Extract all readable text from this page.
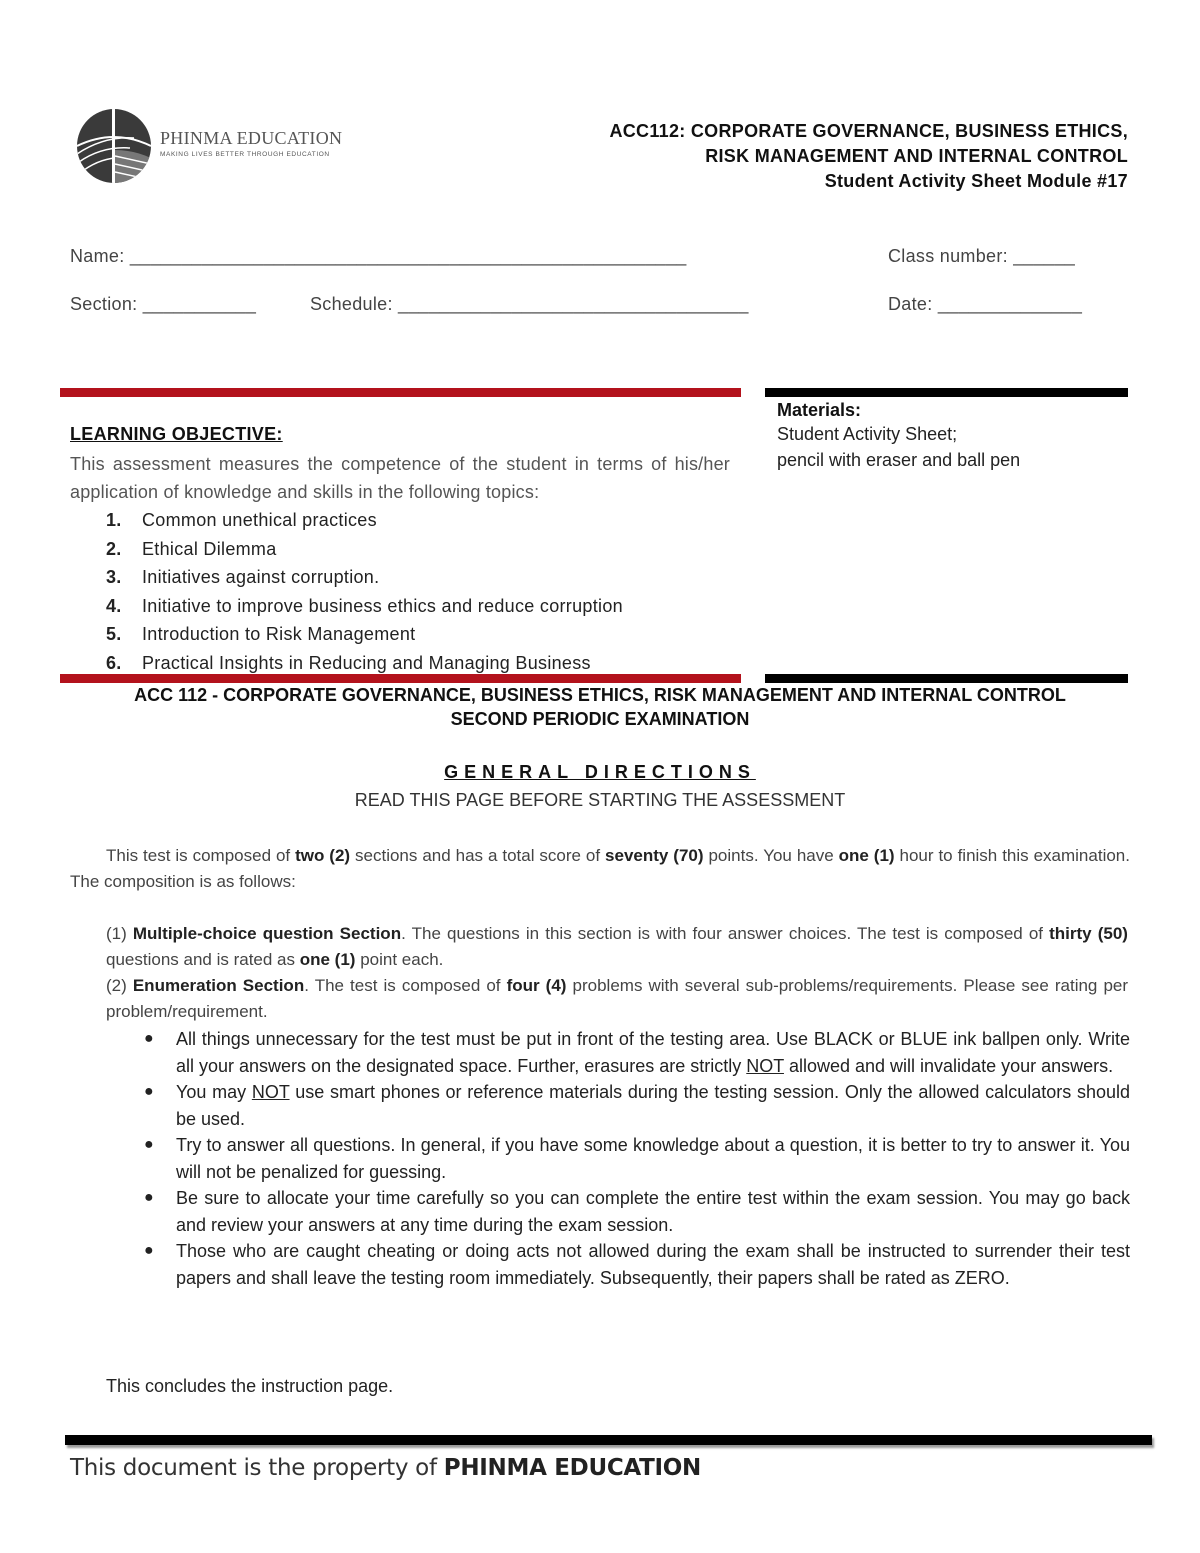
PHINMA EDUCATION
MAKING LIVES BETTER THROUGH EDUCATION
ACC112: CORPORATE GOVERNANCE, BUSINESS ETHICS,
RISK MANAGEMENT AND INTERNAL CONTROL
Student Activity Sheet Module #17
Name: ______________________________________________________	Class number: ______
Section: ___________	Schedule: __________________________________	Date: ______________
LEARNING OBJECTIVE:
This assessment measures the competence of the student in terms of his/her application of knowledge and skills in the following topics:
1. Common unethical practices
2. Ethical Dilemma
3. Initiatives against corruption.
4. Initiative to improve business ethics and reduce corruption
5. Introduction to Risk Management
6. Practical Insights in Reducing and Managing Business
Materials:
Student Activity Sheet;
pencil with eraser and ball pen
ACC 112 - CORPORATE GOVERNANCE, BUSINESS ETHICS, RISK MANAGEMENT AND INTERNAL CONTROL
SECOND PERIODIC EXAMINATION
GENERAL DIRECTIONS
READ THIS PAGE BEFORE STARTING THE ASSESSMENT
This test is composed of two (2) sections and has a total score of seventy (70) points. You have one (1) hour to finish this examination. The composition is as follows:
(1) Multiple-choice question Section. The questions in this section is with four answer choices. The test is composed of thirty (50) questions and is rated as one (1) point each.
(2) Enumeration Section. The test is composed of four (4) problems with several sub-problems/requirements. Please see rating per problem/requirement.
● All things unnecessary for the test must be put in front of the testing area. Use BLACK or BLUE ink ballpen only. Write all your answers on the designated space. Further, erasures are strictly NOT allowed and will invalidate your answers.
● You may NOT use smart phones or reference materials during the testing session. Only the allowed calculators should be used.
● Try to answer all questions. In general, if you have some knowledge about a question, it is better to try to answer it. You will not be penalized for guessing.
● Be sure to allocate your time carefully so you can complete the entire test within the exam session. You may go back and review your answers at any time during the exam session.
● Those who are caught cheating or doing acts not allowed during the exam shall be instructed to surrender their test papers and shall leave the testing room immediately. Subsequently, their papers shall be rated as ZERO.
This concludes the instruction page.
This document is the property of PHINMA EDUCATION
